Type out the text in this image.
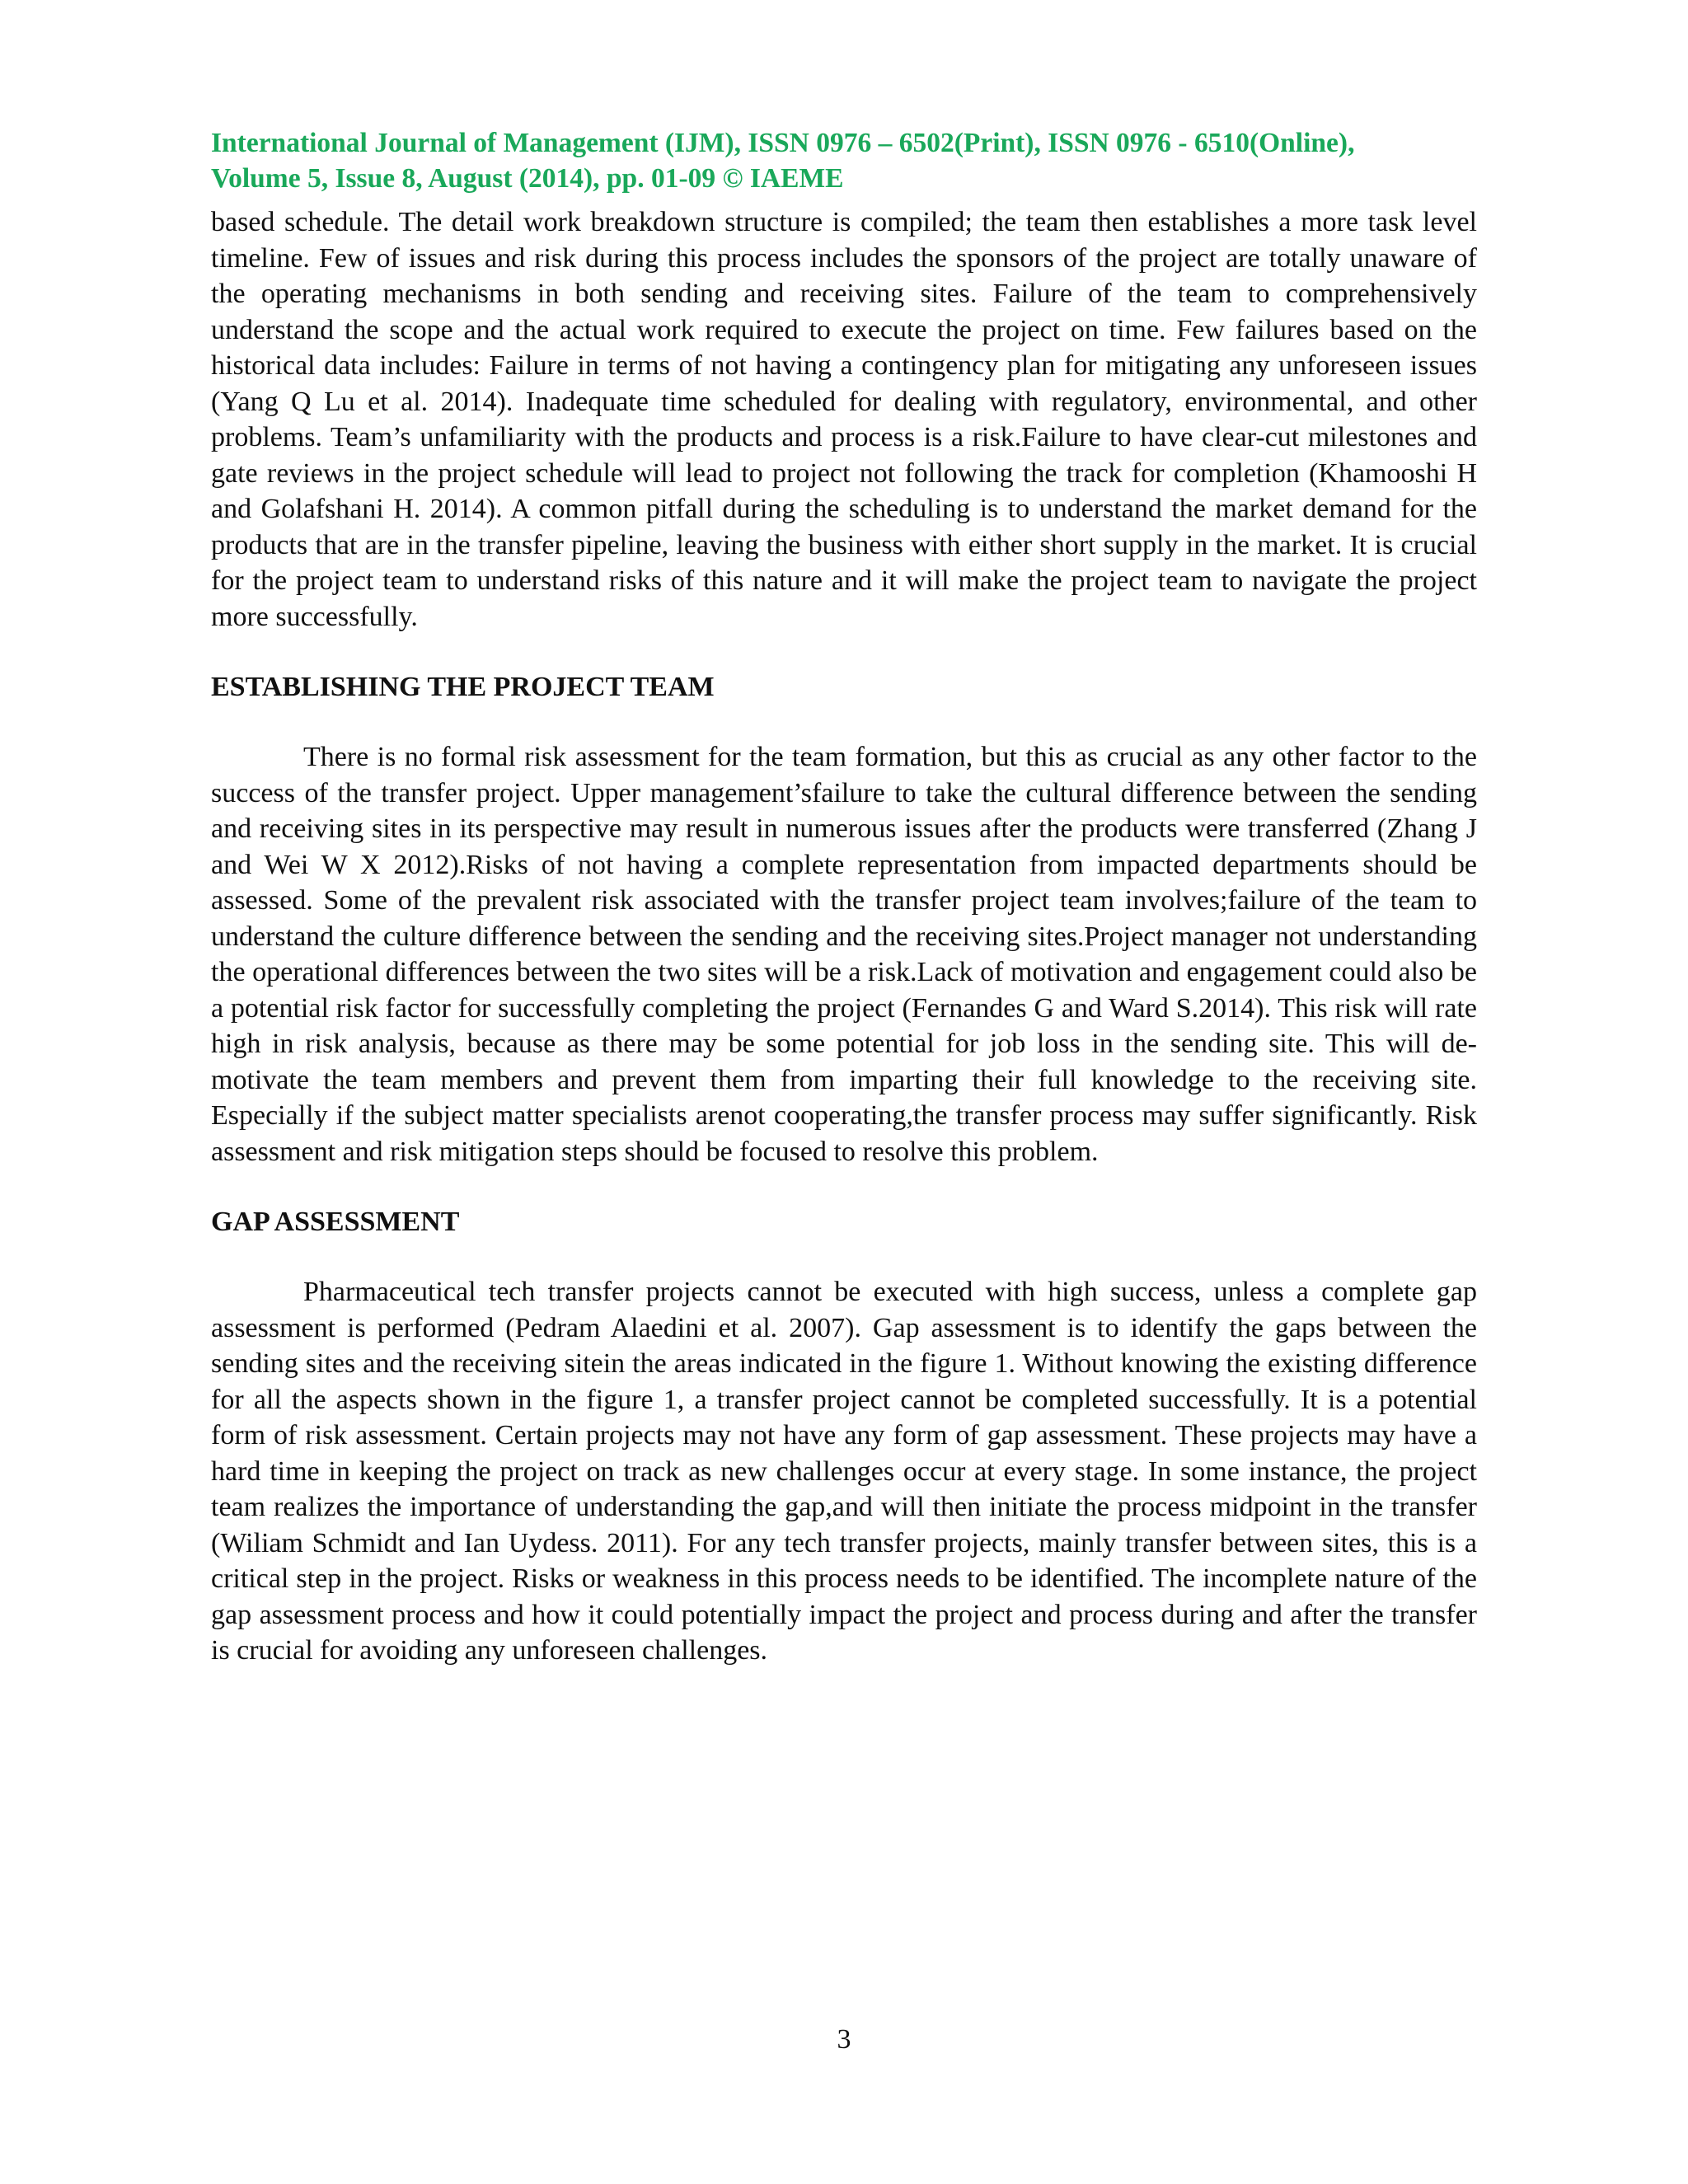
International Journal of Management (IJM), ISSN 0976 – 6502(Print), ISSN 0976 - 6510(Online),
Volume 5, Issue 8, August (2014), pp. 01-09 © IAEME

based schedule. The detail work breakdown structure is compiled; the team then establishes a more task level timeline. Few of issues and risk during this process includes the sponsors of the project are totally unaware of the operating mechanisms in both sending and receiving sites. Failure of the team to comprehensively understand the scope and the actual work required to execute the project on time. Few failures based on the historical data includes: Failure in terms of not having a contingency plan for mitigating any unforeseen issues (Yang Q Lu et al. 2014). Inadequate time scheduled for dealing with regulatory, environmental, and other problems. Team’s unfamiliarity with the products and process is a risk.Failure to have clear-cut milestones and gate reviews in the project schedule will lead to project not following the track for completion (Khamooshi H and Golafshani H. 2014). A common pitfall during the scheduling is to understand the market demand for the products that are in the transfer pipeline, leaving the business with either short supply in the market. It is crucial for the project team to understand risks of this nature and it will make the project team to navigate the project more successfully.

ESTABLISHING THE PROJECT TEAM

There is no formal risk assessment for the team formation, but this as crucial as any other factor to the success of the transfer project. Upper management’sfailure to take the cultural difference between the sending and receiving sites in its perspective may result in numerous issues after the products were transferred (Zhang J and Wei W X 2012).Risks of not having a complete representation from impacted departments should be assessed. Some of the prevalent risk associated with the transfer project team involves;failure of the team to understand the culture difference between the sending and the receiving sites.Project manager not understanding the operational differences between the two sites will be a risk.Lack of motivation and engagement could also be a potential risk factor for successfully completing the project (Fernandes G and Ward S.2014). This risk will rate high in risk analysis, because as there may be some potential for job loss in the sending site. This will de-motivate the team members and prevent them from imparting their full knowledge to the receiving site. Especially if the subject matter specialists arenot cooperating,the transfer process may suffer significantly. Risk assessment and risk mitigation steps should be focused to resolve this problem.

GAP ASSESSMENT

Pharmaceutical tech transfer projects cannot be executed with high success, unless a complete gap assessment is performed (Pedram Alaedini et al. 2007). Gap assessment is to identify the gaps between the sending sites and the receiving sitein the areas indicated in the figure 1. Without knowing the existing difference for all the aspects shown in the figure 1, a transfer project cannot be completed successfully. It is a potential form of risk assessment. Certain projects may not have any form of gap assessment. These projects may have a hard time in keeping the project on track as new challenges occur at every stage. In some instance, the project team realizes the importance of understanding the gap,and will then initiate the process midpoint in the transfer (Wiliam Schmidt and Ian Uydess. 2011). For any tech transfer projects, mainly transfer between sites, this is a critical step in the project. Risks or weakness in this process needs to be identified. The incomplete nature of the gap assessment process and how it could potentially impact the project and process during and after the transfer is crucial for avoiding any unforeseen challenges.

3
